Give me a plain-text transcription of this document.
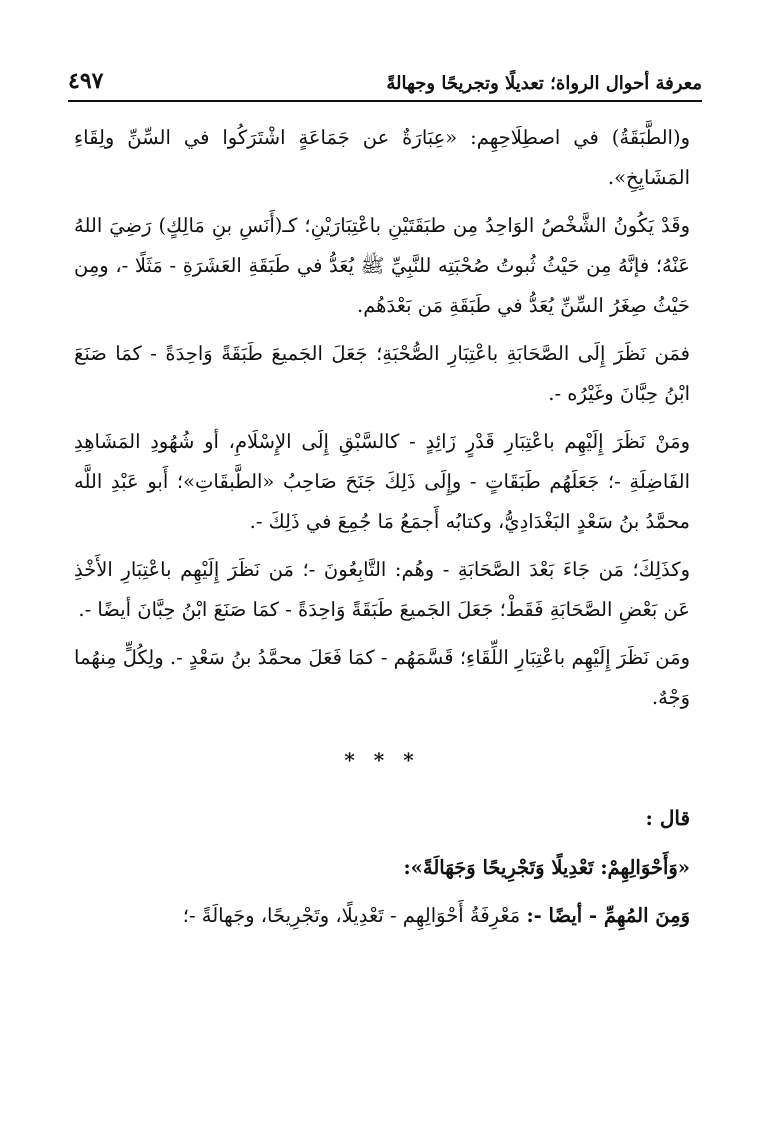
معرفة أحوال الرواة؛ تعديلًا وتجريحًا وجهالةً
٤٩٧

و(الطَّبَقَةُ) في اصطِلَاحِهِم: «عِبَارَةٌ عن جَمَاعَةٍ اشْتَرَكُوا في السِّنِّ ولِقَاءِ المَشَايِخِ».

وقَدْ يَكُونُ الشَّخْصُ الوَاحِدُ مِن طبَقَتَيْنِ باعْتِبَارَيْنِ؛ كـ(أَنَسِ بنِ مَالِكٍ) رَضِيَ اللهُ عَنْهُ؛ فإنَّهُ مِن حَيْثُ ثُبوتُ صُحْبَتِه للنَّبِيِّ ﷺ يُعَدُّ في طَبَقَةِ العَشَرَةِ - مَثَلًا -، ومِن حَيْثُ صِغَرُ السِّنِّ يُعَدُّ في طَبَقَةِ مَن بَعْدَهُم.

فمَن نَظَرَ إِلَى الصَّحَابَةِ باعْتِبَارِ الصُّحْبَةِ؛ جَعَلَ الجَميعَ طَبَقَةً وَاحِدَةً - كمَا صَنَعَ ابْنُ حِبَّانَ وغَيْرُه -.

ومَنْ نَظَرَ إِلَيْهِم باعْتِبَارِ قَدْرٍ زَائِدٍ - كالسَّبْقِ إِلَى الإِسْلَامِ، أو شُهُودِ المَشَاهِدِ الفَاضِلَةِ -؛ جَعَلَهُم طَبَقَاتٍ - وإِلَى ذَلِكَ جَنَحَ صَاحِبُ «الطَّبقَاتِ»؛ أَبو عَبْدِ اللَّه محمَّدُ بنُ سَعْدٍ البَغْدَادِيُّ، وكتابُه أَجمَعُ مَا جُمِعَ في ذَلِكَ -.

وكذَلِكَ؛ مَن جَاءَ بَعْدَ الصَّحَابَةِ - وهُم: التَّابِعُونَ -؛ مَن نَظَرَ إِلَيْهِم باعْتِبَارِ الأَخْذِ عَن بَعْضِ الصَّحَابَةِ فَقَطْ؛ جَعَلَ الجَميعَ طَبَقَةً وَاحِدَةً - كمَا صَنَعَ ابْنُ حِبَّانَ أيضًا -.

ومَن نَظَرَ إِلَيْهِم باعْتِبَارِ اللِّقَاءِ؛ قَسَّمَهُم - كمَا فَعَلَ محمَّدُ بنُ سَعْدٍ -. ولِكُلٍّ مِنهُما وَجْهٌ.

* * *

قال :

«وَأَحْوَالِهِمْ: تَعْدِيلًا وَتَجْرِيحًا وَجَهَالَةً»:

وَمِنَ المُهِمِّ - أيضًا -: مَعْرِفَةُ أَحْوَالِهِم - تَعْدِيلًا، وتَجْرِيحًا، وجَهالَةً -؛
